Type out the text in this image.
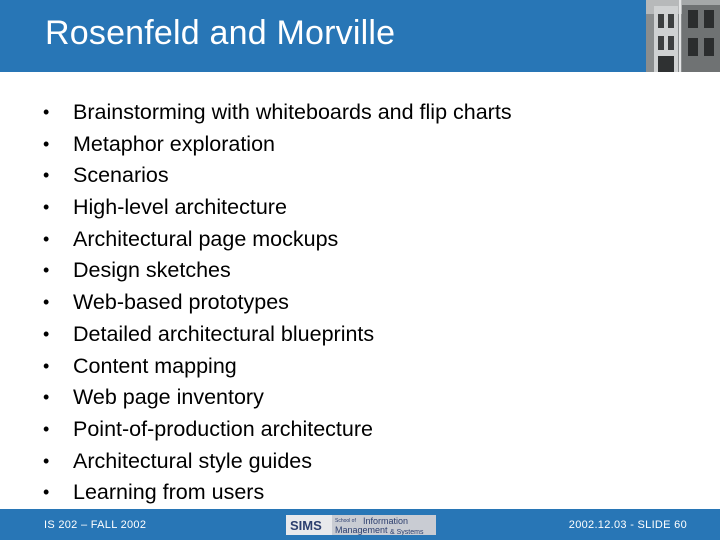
Rosenfeld and Morville
• Brainstorming with whiteboards and flip charts
• Metaphor exploration
• Scenarios
• High-level architecture
• Architectural page mockups
• Design sketches
• Web-based prototypes
• Detailed architectural blueprints
• Content mapping
• Web page inventory
• Point-of-production architecture
• Architectural style guides
• Learning from users
IS 202 – FALL 2002	SIMS	School of Information
Management & Systems
2002.12.03 - SLIDE 60
